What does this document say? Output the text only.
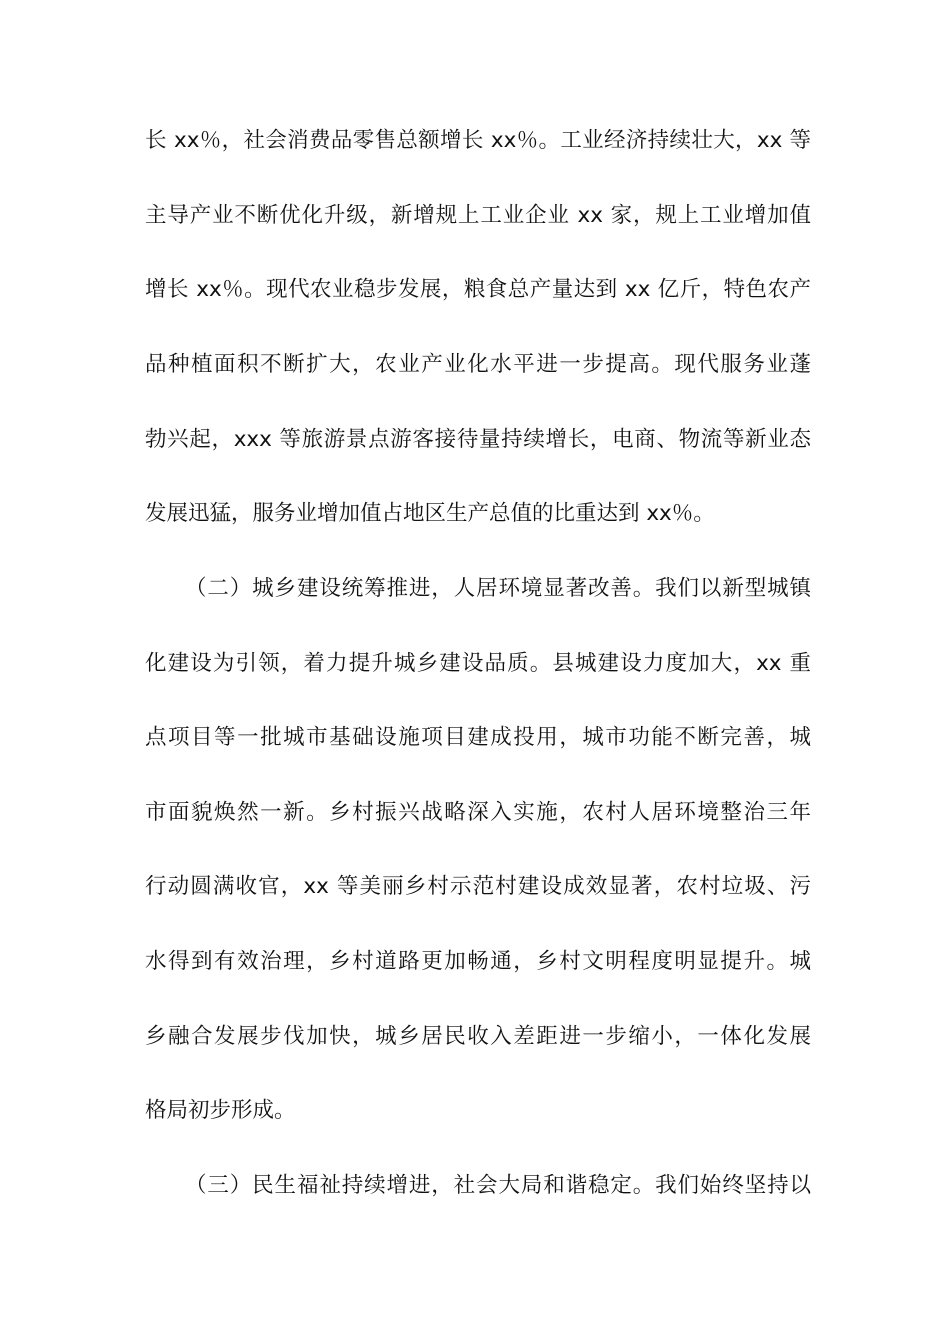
长 xx％，社会消费品零售总额增长 xx％。工业经济持续壮大，xx 等
主导产业不断优化升级，新增规上工业企业 xx 家，规上工业增加值
增长 xx％。现代农业稳步发展，粮食总产量达到 xx 亿斤，特色农产
品种植面积不断扩大，农业产业化水平进一步提高。现代服务业蓬
勃兴起，xxx 等旅游景点游客接待量持续增长，电商、物流等新业态
发展迅猛，服务业增加值占地区生产总值的比重达到 xx％。
（二）城乡建设统筹推进，人居环境显著改善。我们以新型城镇
化建设为引领，着力提升城乡建设品质。县城建设力度加大，xx 重
点项目等一批城市基础设施项目建成投用，城市功能不断完善，城
市面貌焕然一新。乡村振兴战略深入实施，农村人居环境整治三年
行动圆满收官，xx 等美丽乡村示范村建设成效显著，农村垃圾、污
水得到有效治理，乡村道路更加畅通，乡村文明程度明显提升。城
乡融合发展步伐加快，城乡居民收入差距进一步缩小，一体化发展
格局初步形成。
（三）民生福祉持续增进，社会大局和谐稳定。我们始终坚持以
